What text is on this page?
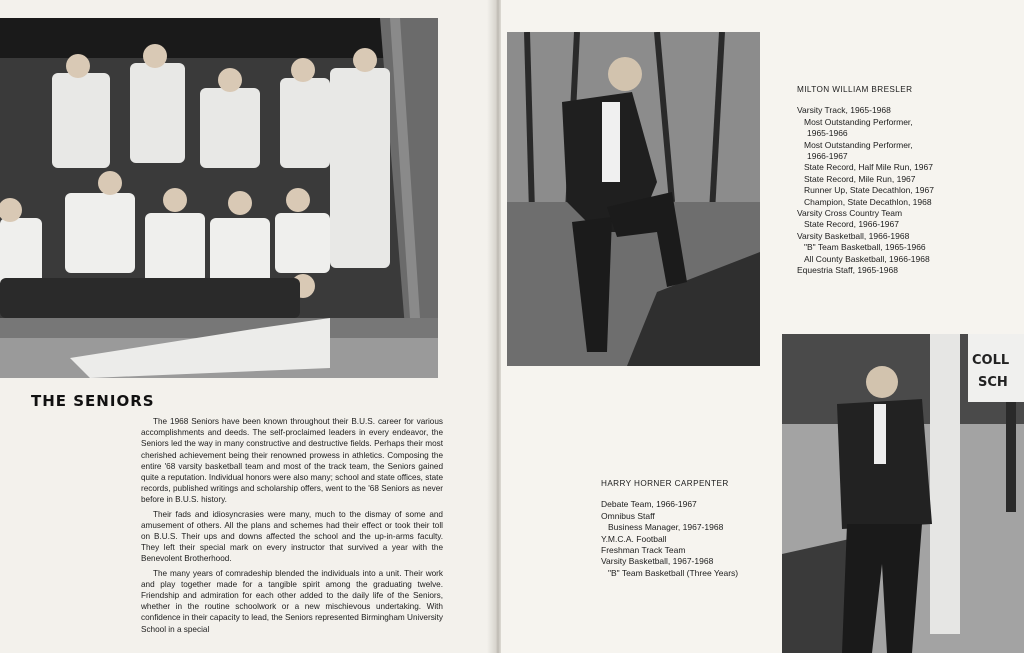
THE SENIORS

The 1968 Seniors have been known throughout their B.U.S. career for various accomplishments and deeds. The self-proclaimed leaders in every endeavor, the Seniors led the way in many constructive and destructive fields. Perhaps their most cherished achievement being their renowned prowess in athletics. Composing the entire '68 varsity basketball team and most of the track team, the Seniors gained quite a reputation. Individual honors were also many; school and state offices, state records, published writings and scholarship offers, went to the '68 Seniors as never before in B.U.S. history.

Their fads and idiosyncrasies were many, much to the dismay of some and amusement of others. All the plans and schemes had their effect or took their toll on B.U.S. Their ups and downs affected the school and the up-in-arms faculty. They left their special mark on every instructor that survived a year with the Benevolent Brotherhood.

The many years of comradeship blended the individuals into a unit. Their work and play together made for a tangible spirit among the graduating twelve. Friendship and admiration for each other added to the daily life of the Seniors, whether in the routine schoolwork or a new mischievous undertaking. With confidence in their capacity to lead, the Seniors represented Birmingham University School in a special

MILTON WILLIAM BRESLER
Varsity Track, 1965-1968
Most Outstanding Performer,
1965-1966
Most Outstanding Performer,
1966-1967
State Record, Half Mile Run, 1967
State Record, Mile Run, 1967
Runner Up, State Decathlon, 1967
Champion, State Decathlon, 1968
Varsity Cross Country Team
State Record, 1966-1967
Varsity Basketball, 1966-1968
"B" Team Basketball, 1965-1966
All County Basketball, 1966-1968
Equestria Staff, 1965-1968
HARRY HORNER CARPENTER
Debate Team, 1966-1967
Omnibus Staff
Business Manager, 1967-1968
Y.M.C.A. Football
Freshman Track Team
Varsity Basketball, 1967-1968
"B" Team Basketball (Three Years)
COLL
SCH
